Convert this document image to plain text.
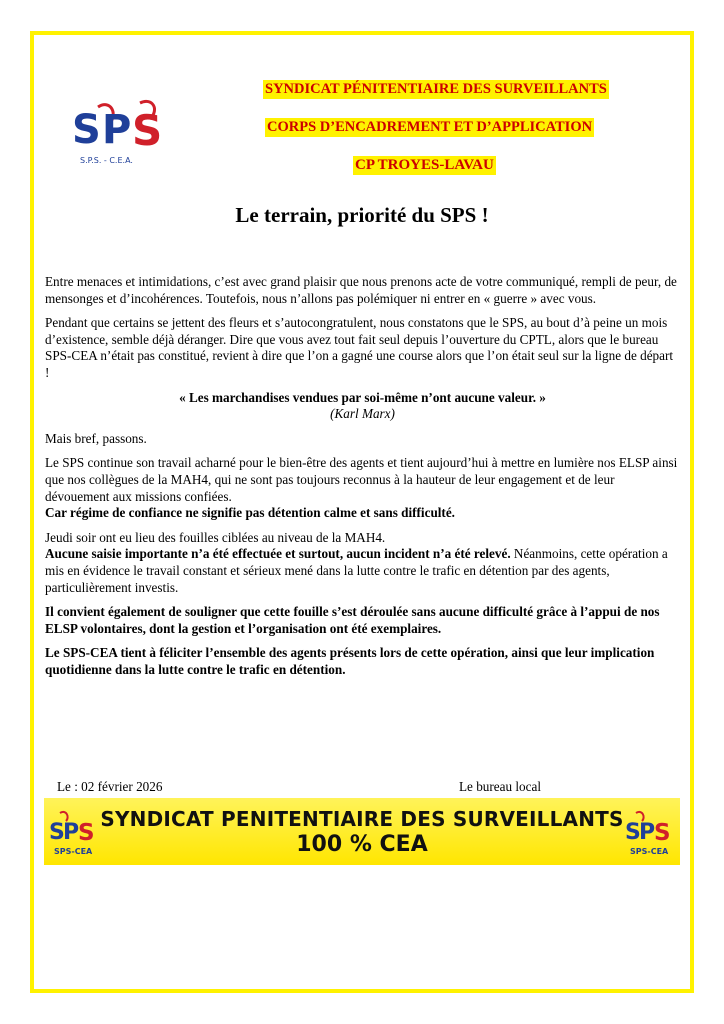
S P S
S.P.S. - C.E.A.
SYNDICAT PÉNITENTIAIRE DES SURVEILLANTS
CORPS D’ENCADREMENT ET D’APPLICATION
CP TROYES-LAVAU
Le terrain, priorité du SPS !

Entre menaces et intimidations, c’est avec grand plaisir que nous prenons acte de votre communiqué, rempli de peur, de mensonges et d’incohérences. Toutefois, nous n’allons pas polémiquer ni entrer en « guerre » avec vous.

Pendant que certains se jettent des fleurs et s’autocongratulent, nous constatons que le SPS, au bout d’à peine un mois d’existence, semble déjà déranger. Dire que vous avez tout fait seul depuis l’ouverture du CPTL, alors que le bureau SPS-CEA n’était pas constitué, revient à dire que l’on a gagné une course alors que l’on était seul sur la ligne de départ !

« Les marchandises vendues par soi-même n’ont aucune valeur. »

(Karl Marx)

Mais bref, passons.

Le SPS continue son travail acharné pour le bien-être des agents et tient aujourd’hui à mettre en lumière nos ELSP ainsi que nos collègues de la MAH4, qui ne sont pas toujours reconnus à la hauteur de leur engagement et de leur dévouement aux missions confiées.
Car régime de confiance ne signifie pas détention calme et sans difficulté.

Jeudi soir ont eu lieu des fouilles ciblées au niveau de la MAH4.
Aucune saisie importante n’a été effectuée et surtout, aucun incident n’a été relevé. Néanmoins, cette opération a mis en évidence le travail constant et sérieux mené dans la lutte contre le trafic en détention par des agents, particulièrement investis.

Il convient également de souligner que cette fouille s’est déroulée sans aucune difficulté grâce à l’appui de nos ELSP volontaires, dont la gestion et l’organisation ont été exemplaires.

Le SPS-CEA tient à féliciter l’ensemble des agents présents lors de cette opération, ainsi que leur implication quotidienne dans la lutte contre le trafic en détention.

Le : 02 février 2026	Le bureau local
S
P
S
SPS-CEA
SYNDICAT PENITENTIAIRE DES SURVEILLANTS
100 % CEA	S
P
S
SPS-CEA
